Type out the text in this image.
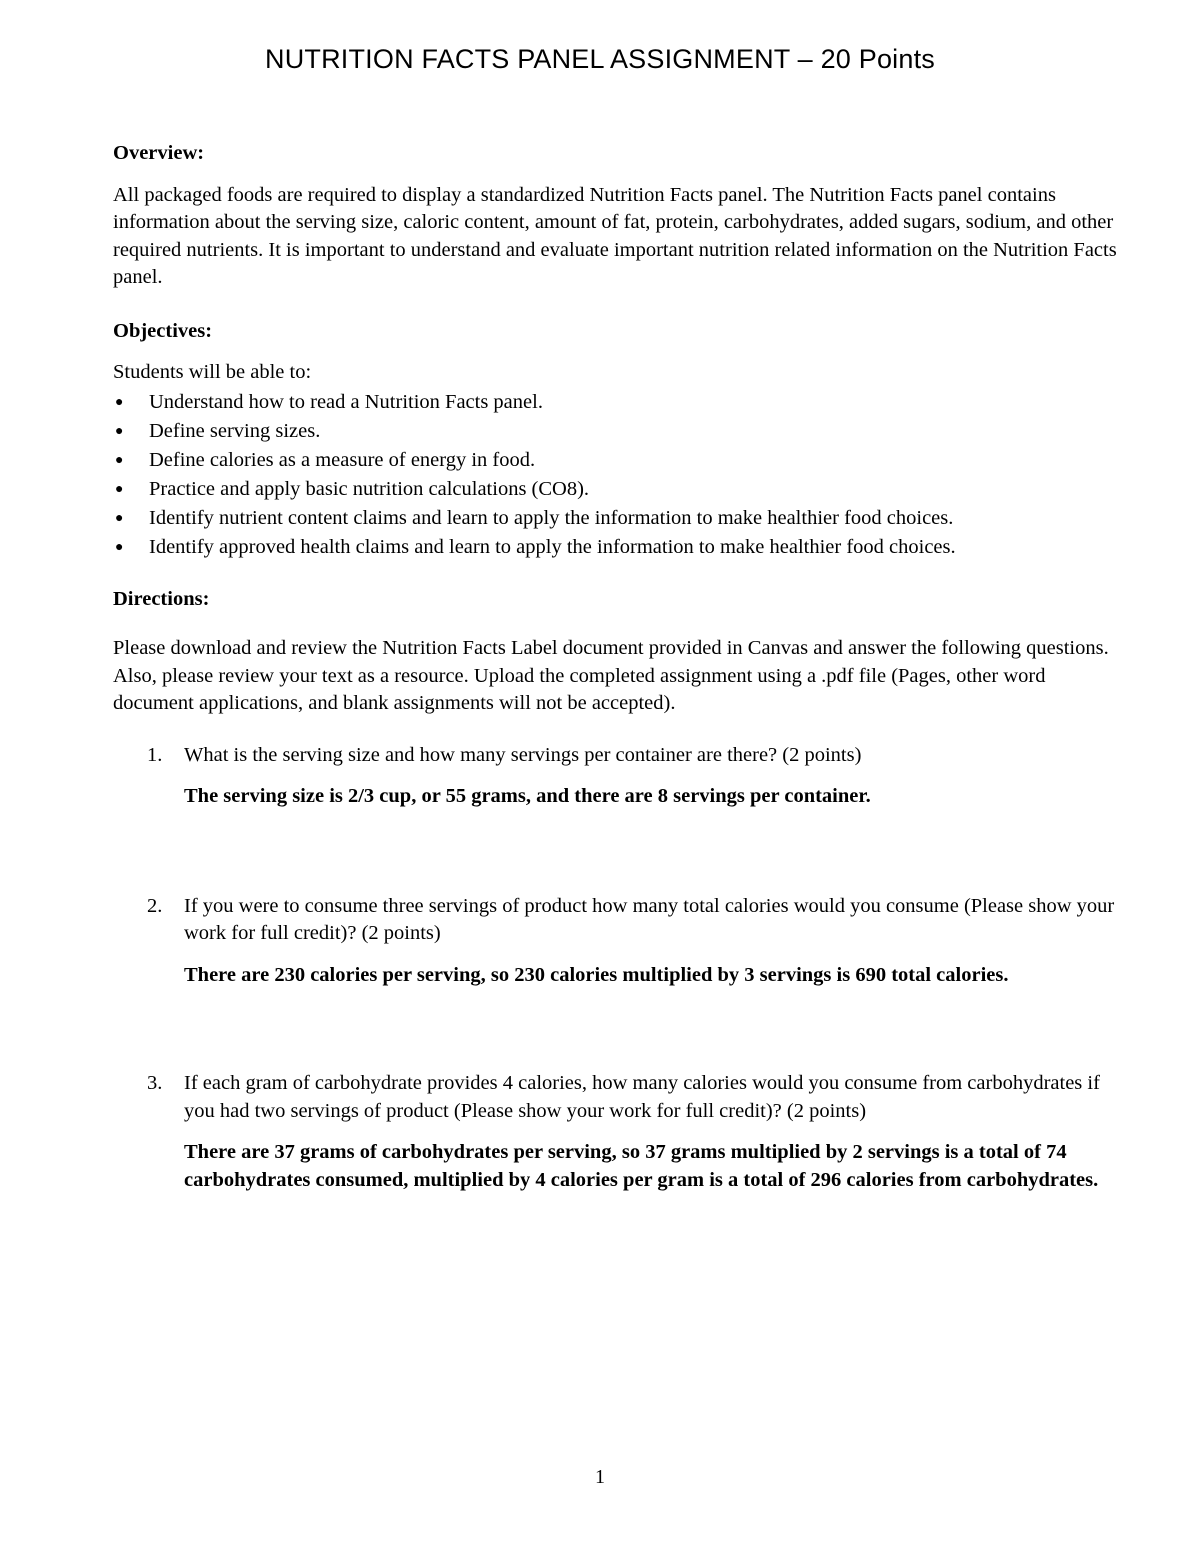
NUTRITION FACTS PANEL ASSIGNMENT – 20 Points

Overview:

All packaged foods are required to display a standardized Nutrition Facts panel. The Nutrition Facts panel contains information about the serving size, caloric content, amount of fat, protein, carbohydrates, added sugars, sodium, and other required nutrients. It is important to understand and evaluate important nutrition related information on the Nutrition Facts panel.

Objectives:

Students will be able to:

● Understand how to read a Nutrition Facts panel.
● Define serving sizes.
● Define calories as a measure of energy in food.
● Practice and apply basic nutrition calculations (CO8).
● Identify nutrient content claims and learn to apply the information to make healthier food choices.
● Identify approved health claims and learn to apply the information to make healthier food choices.

Directions:

Please download and review the Nutrition Facts Label document provided in Canvas and answer the following questions. Also, please review your text as a resource. Upload the completed assignment using a .pdf file (Pages, other word document applications, and blank assignments will not be accepted).

1. What is the serving size and how many servings per container are there? (2 points)
The serving size is 2/3 cup, or 55 grams, and there are 8 servings per container.
2. If you were to consume three servings of product how many total calories would you consume (Please show your work for full credit)? (2 points)
There are 230 calories per serving, so 230 calories multiplied by 3 servings is 690 total calories.
3. If each gram of carbohydrate provides 4 calories, how many calories would you consume from carbohydrates if you had two servings of product (Please show your work for full credit)? (2 points)
There are 37 grams of carbohydrates per serving, so 37 grams multiplied by 2 servings is a total of 74 carbohydrates consumed, multiplied by 4 calories per gram is a total of 296 calories from carbohydrates.
1
